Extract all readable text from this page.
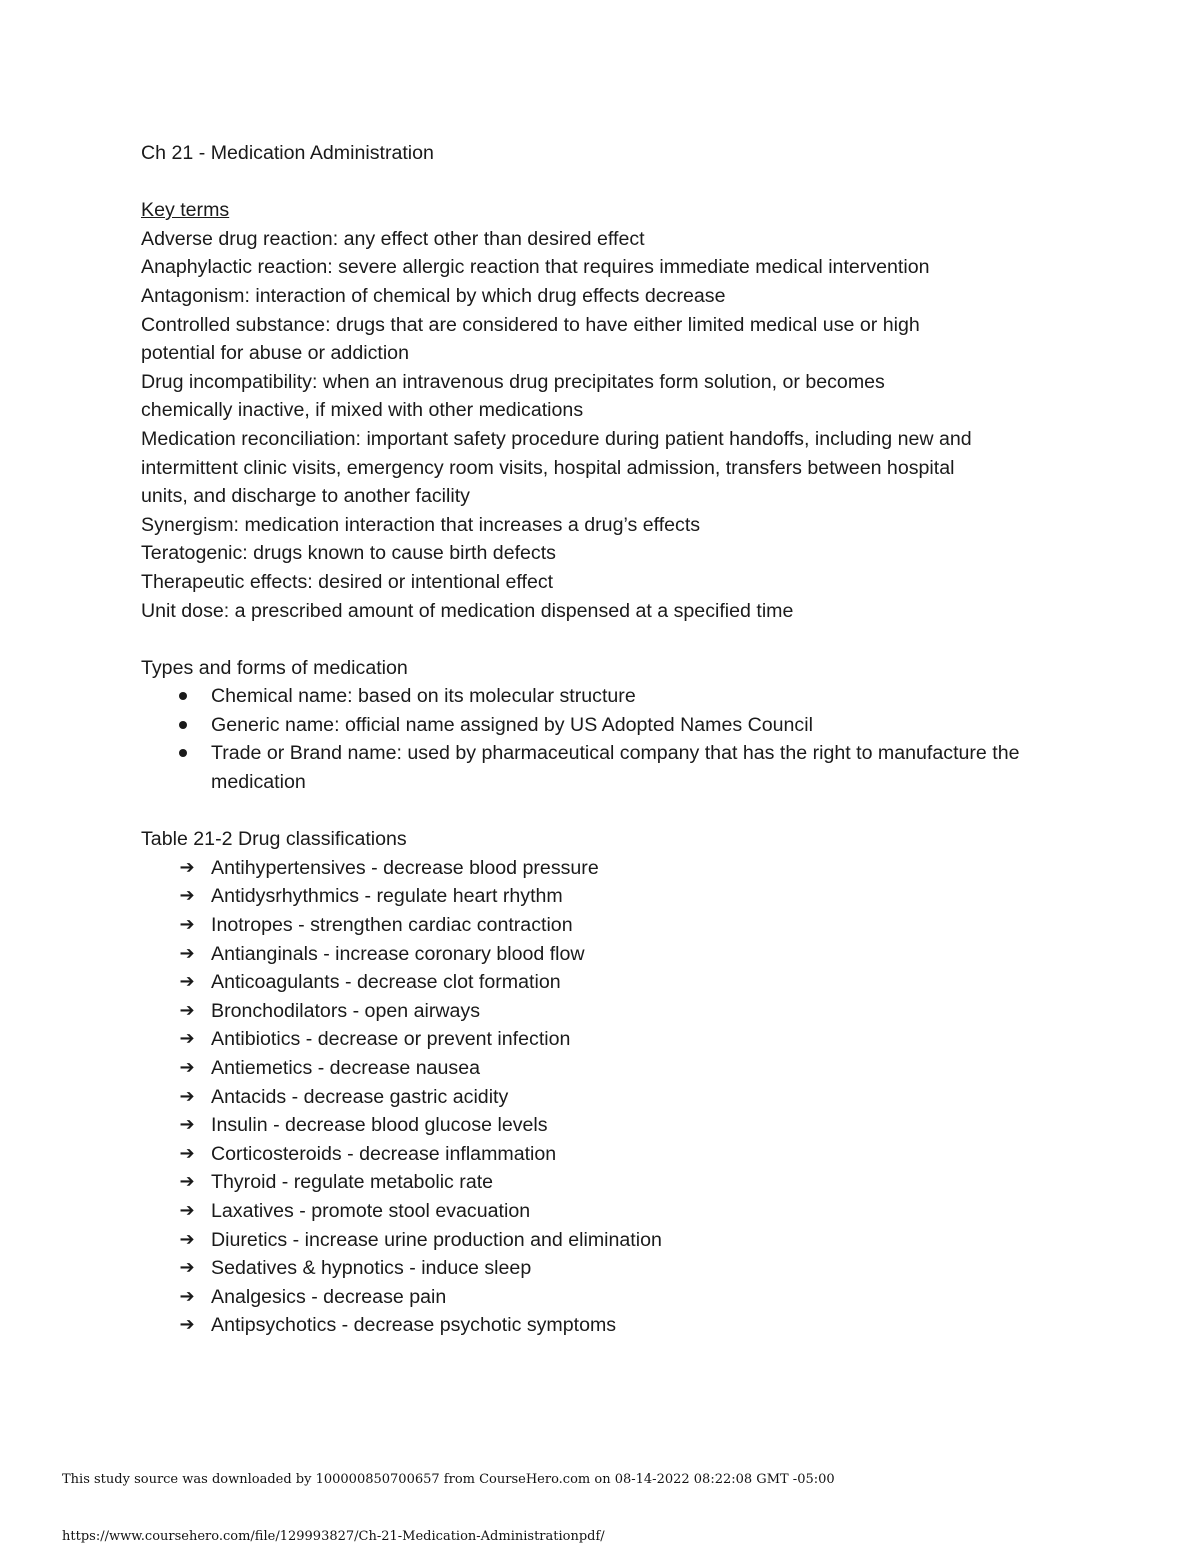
Ch 21 - Medication Administration

Key terms

Adverse drug reaction: any effect other than desired effect

Anaphylactic reaction: severe allergic reaction that requires immediate medical intervention

Antagonism: interaction of chemical by which drug effects decrease

Controlled substance: drugs that are considered to have either limited medical use or high

potential for abuse or addiction

Drug incompatibility: when an intravenous drug precipitates form solution, or becomes

chemically inactive, if mixed with other medications

Medication reconciliation: important safety procedure during patient handoffs, including new and

intermittent clinic visits, emergency room visits, hospital admission, transfers between hospital

units, and discharge to another facility

Synergism: medication interaction that increases a drug’s effects

Teratogenic: drugs known to cause birth defects

Therapeutic effects: desired or intentional effect

Unit dose: a prescribed amount of medication dispensed at a specified time

Types and forms of medication

Chemical name: based on its molecular structure
Generic name: official name assigned by US Adopted Names Council
Trade or Brand name: used by pharmaceutical company that has the right to manufacture the medication

Table 21-2 Drug classifications

➔ Antihypertensives - decrease blood pressure
➔ Antidysrhythmics - regulate heart rhythm
➔ Inotropes - strengthen cardiac contraction
➔ Antianginals - increase coronary blood flow
➔ Anticoagulants - decrease clot formation
➔ Bronchodilators - open airways
➔ Antibiotics - decrease or prevent infection
➔ Antiemetics - decrease nausea
➔ Antacids - decrease gastric acidity
➔ Insulin - decrease blood glucose levels
➔ Corticosteroids - decrease inflammation
➔ Thyroid - regulate metabolic rate
➔ Laxatives - promote stool evacuation
➔ Diuretics - increase urine production and elimination
➔ Sedatives & hypnotics - induce sleep
➔ Analgesics - decrease pain
➔ Antipsychotics - decrease psychotic symptoms
This study source was downloaded by 100000850700657 from CourseHero.com on 08-14-2022 08:22:08 GMT -05:00
https://www.coursehero.com/file/129993827/Ch-21-Medication-Administrationpdf/
